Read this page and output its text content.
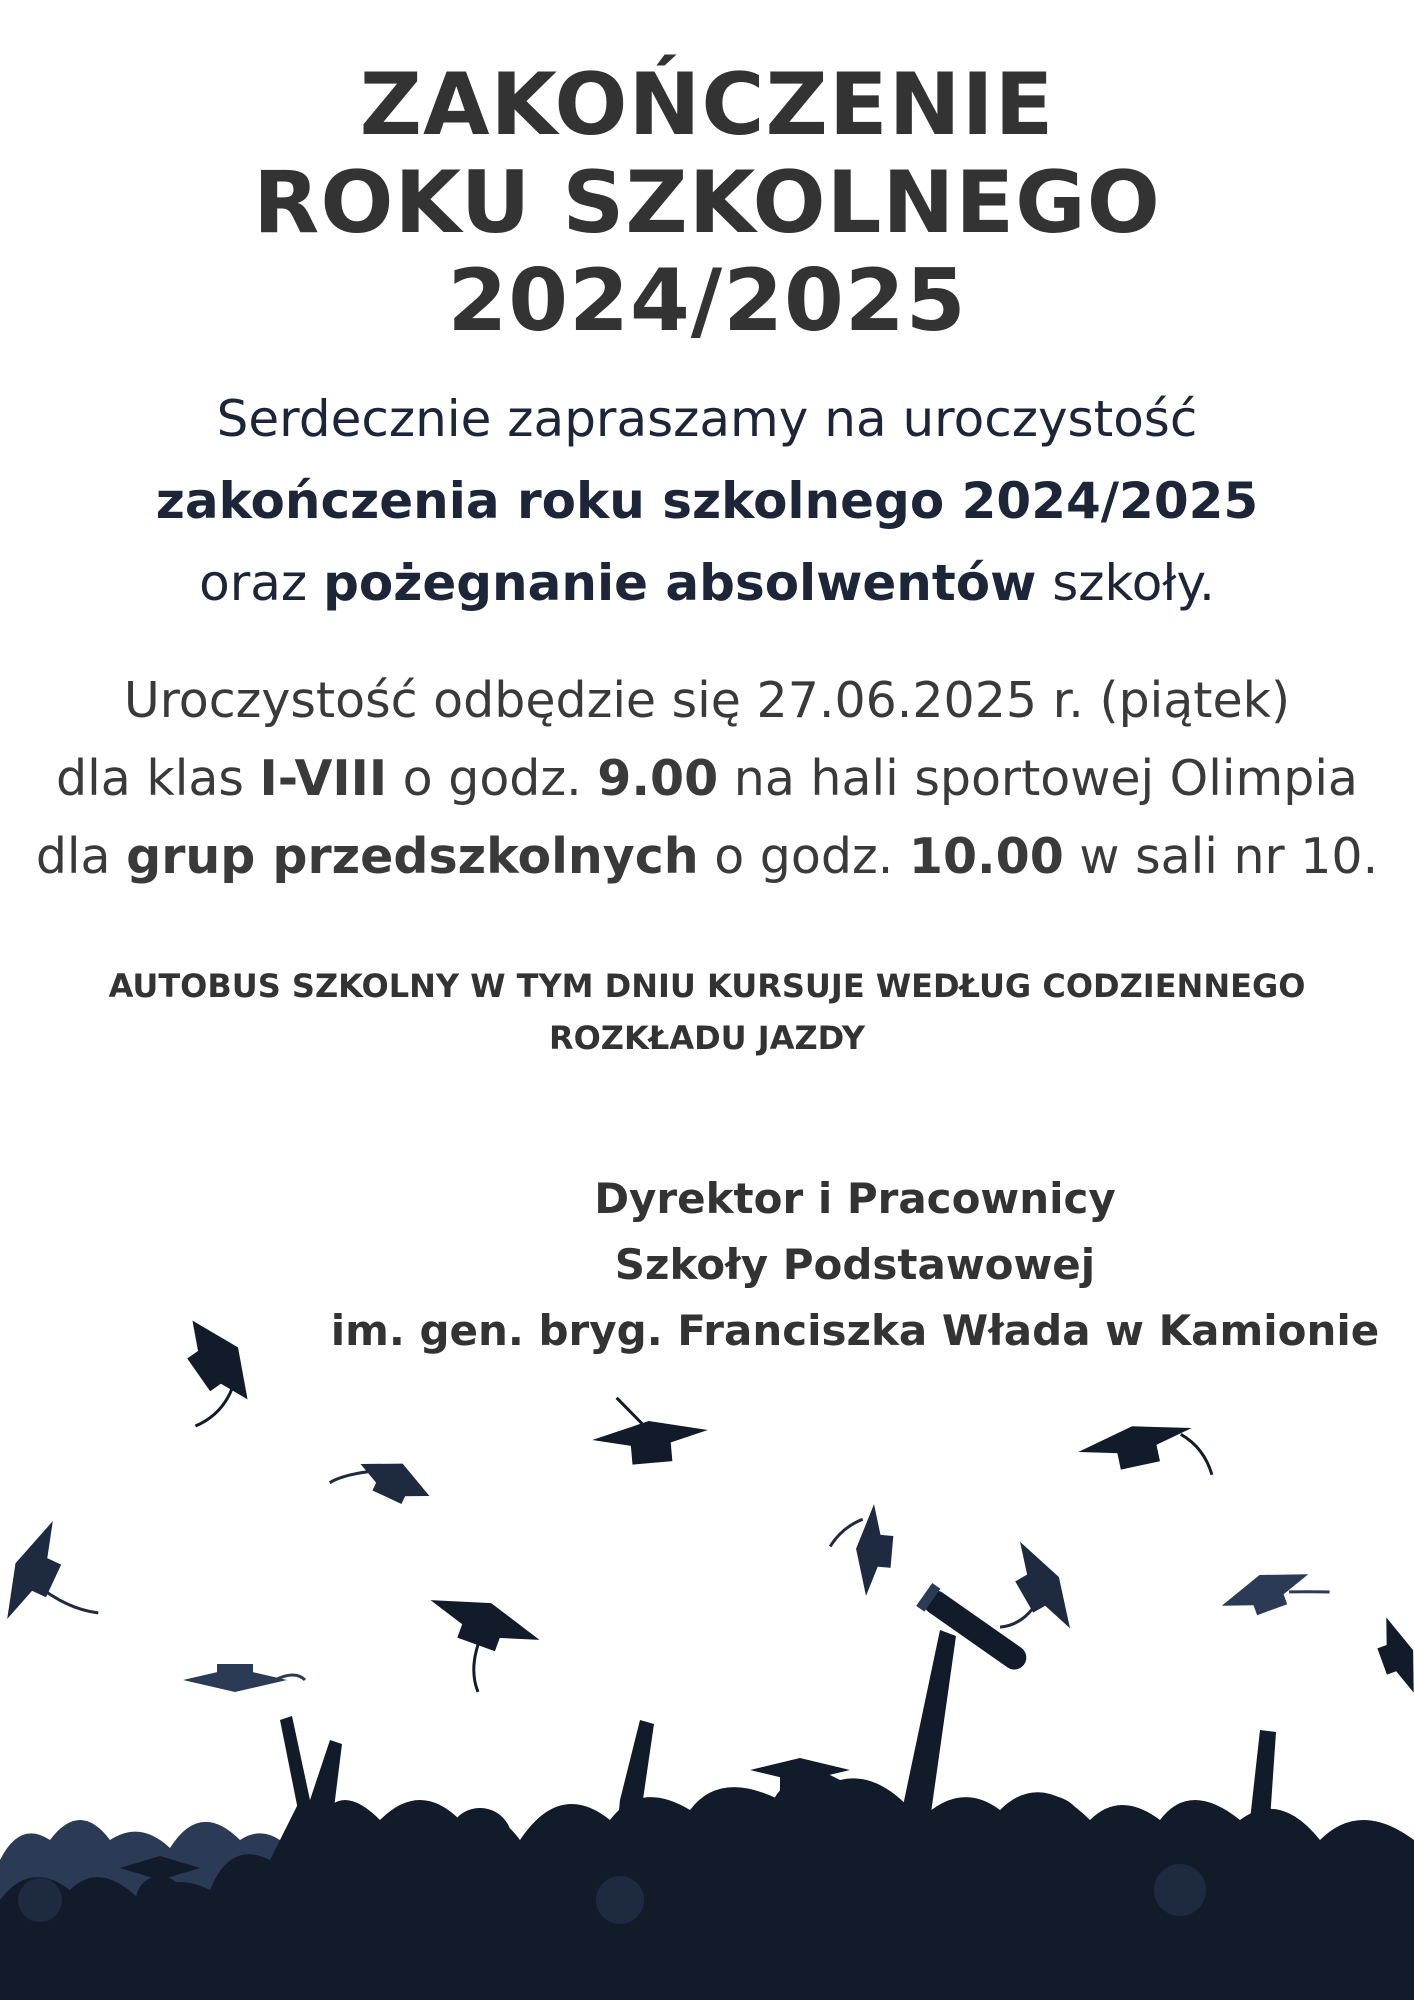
ZAKOŃCZENIE
ROKU SZKOLNEGO
2024/2025
Serdecznie zapraszamy na uroczystość
zakończenia roku szkolnego 2024/2025
oraz pożegnanie absolwentów szkoły.
Uroczystość odbędzie się 27.06.2025 r. (piątek)
dla klas I-VIII o godz. 9.00 na hali sportowej Olimpia
dla grup przedszkolnych o godz. 10.00 w sali nr 10.
AUTOBUS SZKOLNY W TYM DNIU KURSUJE WEDŁUG CODZIENNEGO
ROZKŁADU JAZDY
Dyrektor i Pracownicy
Szkoły Podstawowej
im. gen. bryg. Franciszka Włada w Kamionie
